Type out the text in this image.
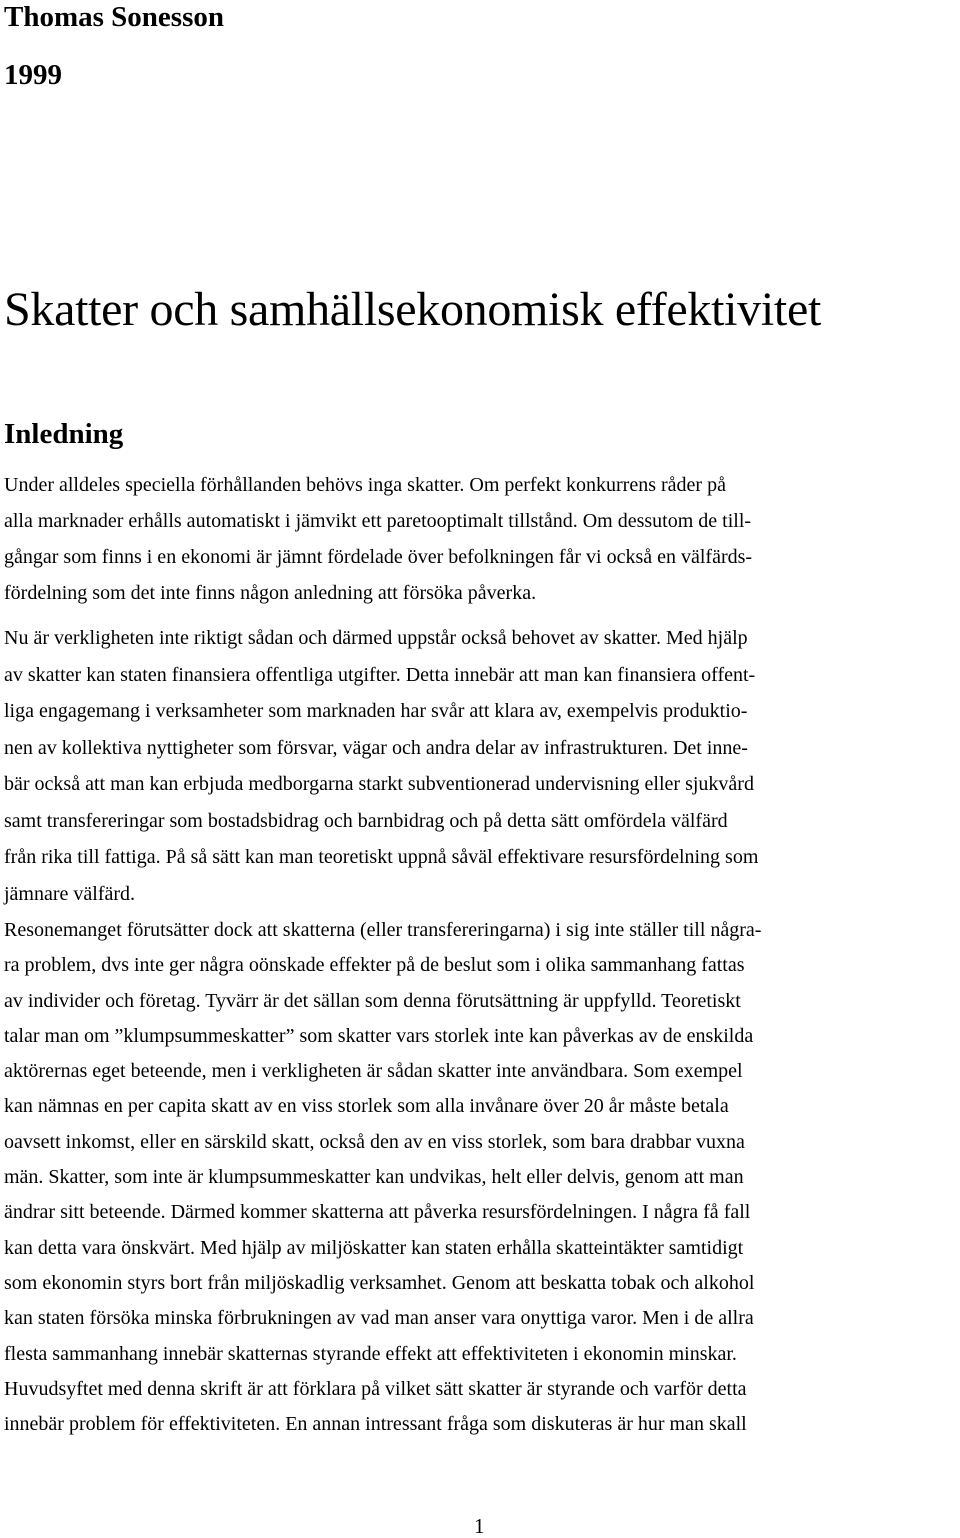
Thomas Sonesson
1999
Skatter och samhällsekonomisk effektivitet
Inledning
Under alldeles speciella förhållanden behövs inga skatter. Om perfekt konkurrens råder på
alla marknader erhålls automatiskt i jämvikt ett paretooptimalt tillstånd. Om dessutom de till-
gångar som finns i en ekonomi är jämnt fördelade över befolkningen får vi också en välfärds-
fördelning som det inte finns någon anledning att försöka påverka.
Nu är verkligheten inte riktigt sådan och därmed uppstår också behovet av skatter. Med hjälp
av skatter kan staten finansiera offentliga utgifter. Detta innebär att man kan finansiera offent-
liga engagemang i verksamheter som marknaden har svår att klara av, exempelvis produktio-
nen av kollektiva nyttigheter som försvar, vägar och andra delar av infrastrukturen. Det inne-
bär också att man kan erbjuda medborgarna starkt subventionerad undervisning eller sjukvård
samt transfereringar som bostadsbidrag och barnbidrag och på detta sätt omfördela välfärd
från rika till fattiga. På så sätt kan man teoretiskt uppnå såväl effektivare resursfördelning som
jämnare välfärd.
Resonemanget förutsätter dock att skatterna (eller transfereringarna) i sig inte ställer till några-
ra problem, dvs inte ger några oönskade effekter på de beslut som i olika sammanhang fattas
av individer och företag. Tyvärr är det sällan som denna förutsättning är uppfylld. Teoretiskt
talar man om ”klumpsummeskatter” som skatter vars storlek inte kan påverkas av de enskilda
aktörernas eget beteende, men i verkligheten är sådan skatter inte användbara. Som exempel
kan nämnas en per capita skatt av en viss storlek som alla invånare över 20 år måste betala
oavsett inkomst, eller en särskild skatt, också den av en viss storlek, som bara drabbar vuxna
män. Skatter, som inte är klumpsummeskatter kan undvikas, helt eller delvis, genom att man
ändrar sitt beteende. Därmed kommer skatterna att påverka resursfördelningen. I några få fall
kan detta vara önskvärt. Med hjälp av miljöskatter kan staten erhålla skatteintäkter samtidigt
som ekonomin styrs bort från miljöskadlig verksamhet. Genom att beskatta tobak och alkohol
kan staten försöka minska förbrukningen av vad man anser vara onyttiga varor. Men i de allra
flesta sammanhang innebär skatternas styrande effekt att effektiviteten i ekonomin minskar.
Huvudsyftet med denna skrift är att förklara på vilket sätt skatter är styrande och varför detta
innebär problem för effektiviteten. En annan intressant fråga som diskuteras är hur man skall
1
